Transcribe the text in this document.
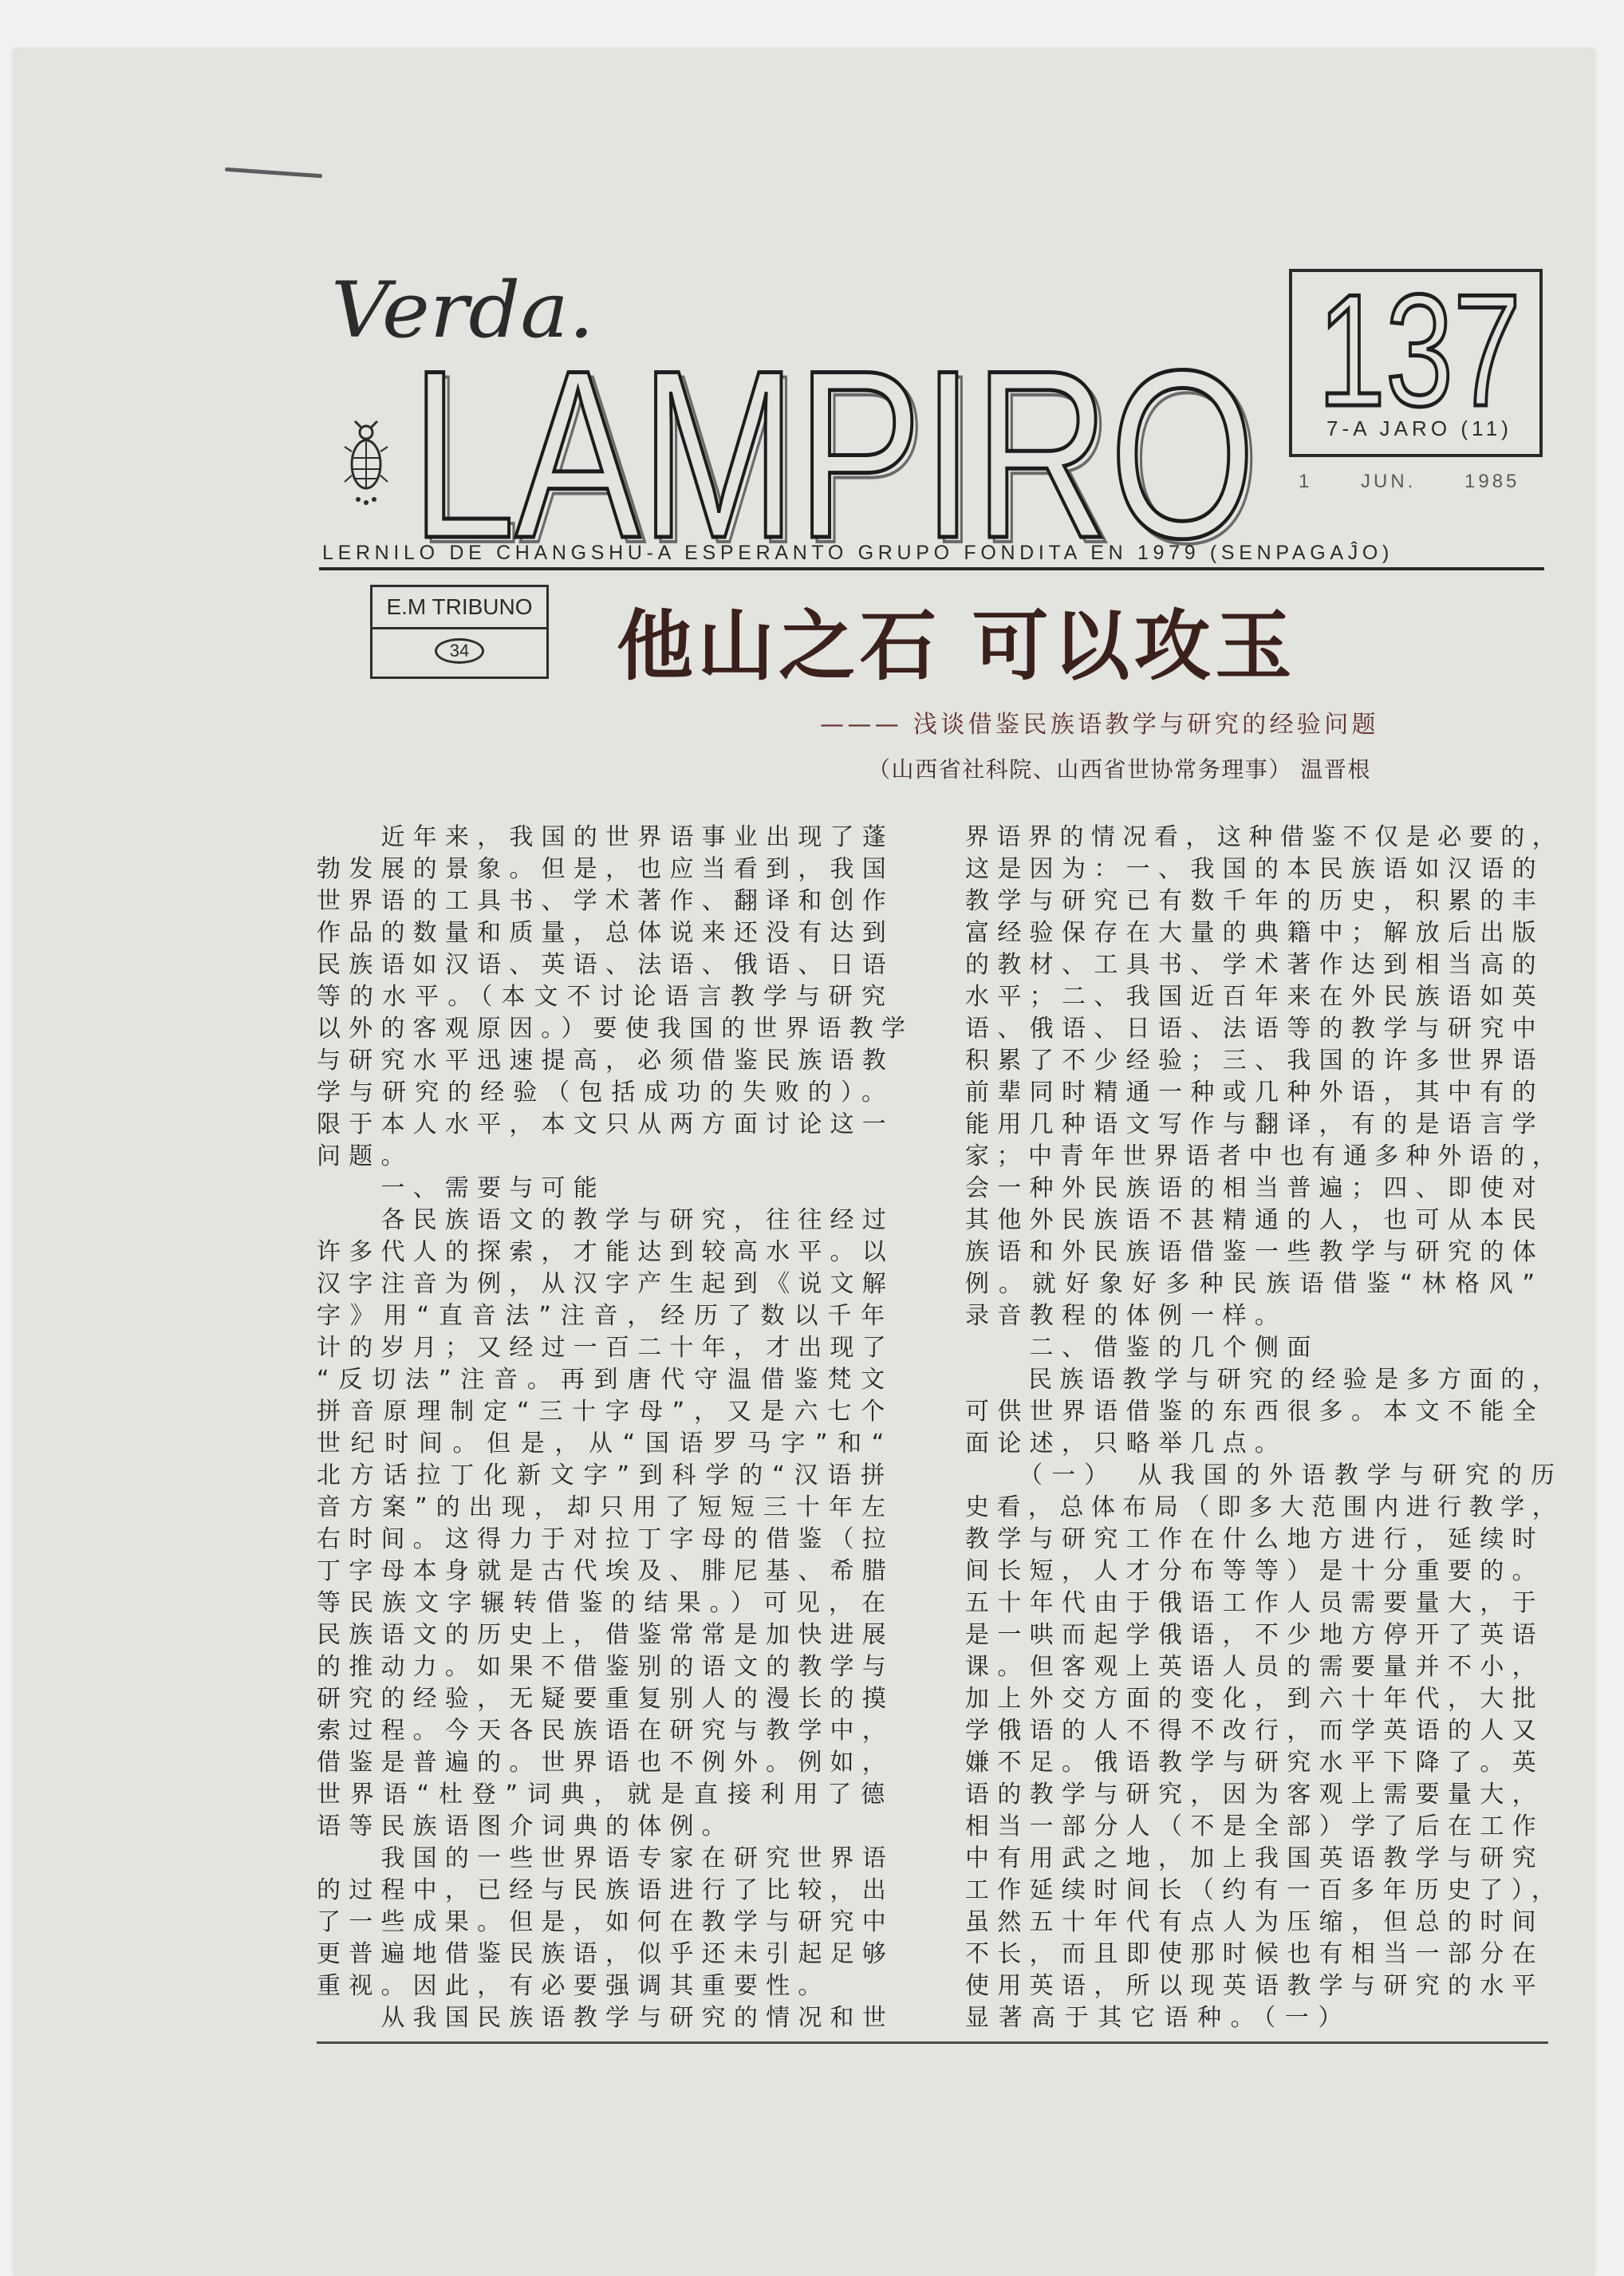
Verda.
LAMPIRO
LAMPIRO 137
7-A JARO (11)
1 JUN. 1985
LERNILO DE CHANGSHU-A ESPERANTO GRUPO FONDITA EN 1979 (SENPAGAĴO)
E.M TRIBUNO
34 他山之石 可以攻玉
——— 浅谈借鉴民族语教学与研究的经验问题
（山西省社科院、山西省世协常务理事） 温晋根
　　近年来，我国的世界语事业出现了蓬
勃发展的景象。但是，也应当看到，我国
世界语的工具书、学术著作、翻译和创作
作品的数量和质量，总体说来还没有达到
民族语如汉语、英语、法语、俄语、日语
等的水平。（本文不讨论语言教学与研究
以外的客观原因。）要使我国的世界语教学
与研究水平迅速提高，必须借鉴民族语教
学与研究的经验（包括成功的失败的）。
限于本人水平，本文只从两方面讨论这一
问题。
　　一、需要与可能
　　各民族语文的教学与研究，往往经过
许多代人的探索，才能达到较高水平。以
汉字注音为例，从汉字产生起到《说文解
字》用“直音法”注音，经历了数以千年
计的岁月；又经过一百二十年，才出现了
“反切法”注音。再到唐代守温借鉴梵文
拼音原理制定“三十字母”，又是六七个
世纪时间。但是，从“国语罗马字”和“
北方话拉丁化新文字”到科学的“汉语拼
音方案”的出现，却只用了短短三十年左
右时间。这得力于对拉丁字母的借鉴（拉
丁字母本身就是古代埃及、腓尼基、希腊
等民族文字辗转借鉴的结果。）可见，在
民族语文的历史上，借鉴常常是加快进展
的推动力。如果不借鉴别的语文的教学与
研究的经验，无疑要重复别人的漫长的摸
索过程。今天各民族语在研究与教学中，
借鉴是普遍的。世界语也不例外。例如，
世界语“杜登”词典，就是直接利用了德
语等民族语图介词典的体例。
　　我国的一些世界语专家在研究世界语
的过程中，已经与民族语进行了比较，出
了一些成果。但是，如何在教学与研究中
更普遍地借鉴民族语，似乎还未引起足够
重视。因此，有必要强调其重要性。
　　从我国民族语教学与研究的情况和世
界语界的情况看，这种借鉴不仅是必要的，
这是因为：一、我国的本民族语如汉语的
教学与研究已有数千年的历史，积累的丰
富经验保存在大量的典籍中；解放后出版
的教材、工具书、学术著作达到相当高的
水平；二、我国近百年来在外民族语如英
语、俄语、日语、法语等的教学与研究中
积累了不少经验；三、我国的许多世界语
前辈同时精通一种或几种外语，其中有的
能用几种语文写作与翻译，有的是语言学
家；中青年世界语者中也有通多种外语的，
会一种外民族语的相当普遍；四、即使对
其他外民族语不甚精通的人，也可从本民
族语和外民族语借鉴一些教学与研究的体
例。就好象好多种民族语借鉴“林格风”
录音教程的体例一样。
　　二、借鉴的几个侧面
　　民族语教学与研究的经验是多方面的，
可供世界语借鉴的东西很多。本文不能全
面论述，只略举几点。
　　（一）　从我国的外语教学与研究的历
史看，总体布局（即多大范围内进行教学，
教学与研究工作在什么地方进行，延续时
间长短，人才分布等等）是十分重要的。
五十年代由于俄语工作人员需要量大，于
是一哄而起学俄语，不少地方停开了英语
课。但客观上英语人员的需要量并不小，
加上外交方面的变化，到六十年代，大批
学俄语的人不得不改行，而学英语的人又
嫌不足。俄语教学与研究水平下降了。英
语的教学与研究，因为客观上需要量大，
相当一部分人（不是全部）学了后在工作
中有用武之地，加上我国英语教学与研究
工作延续时间长（约有一百多年历史了），
虽然五十年代有点人为压缩，但总的时间
不长，而且即使那时候也有相当一部分在
使用英语，所以现英语教学与研究的水平
显著高于其它语种。（一）
